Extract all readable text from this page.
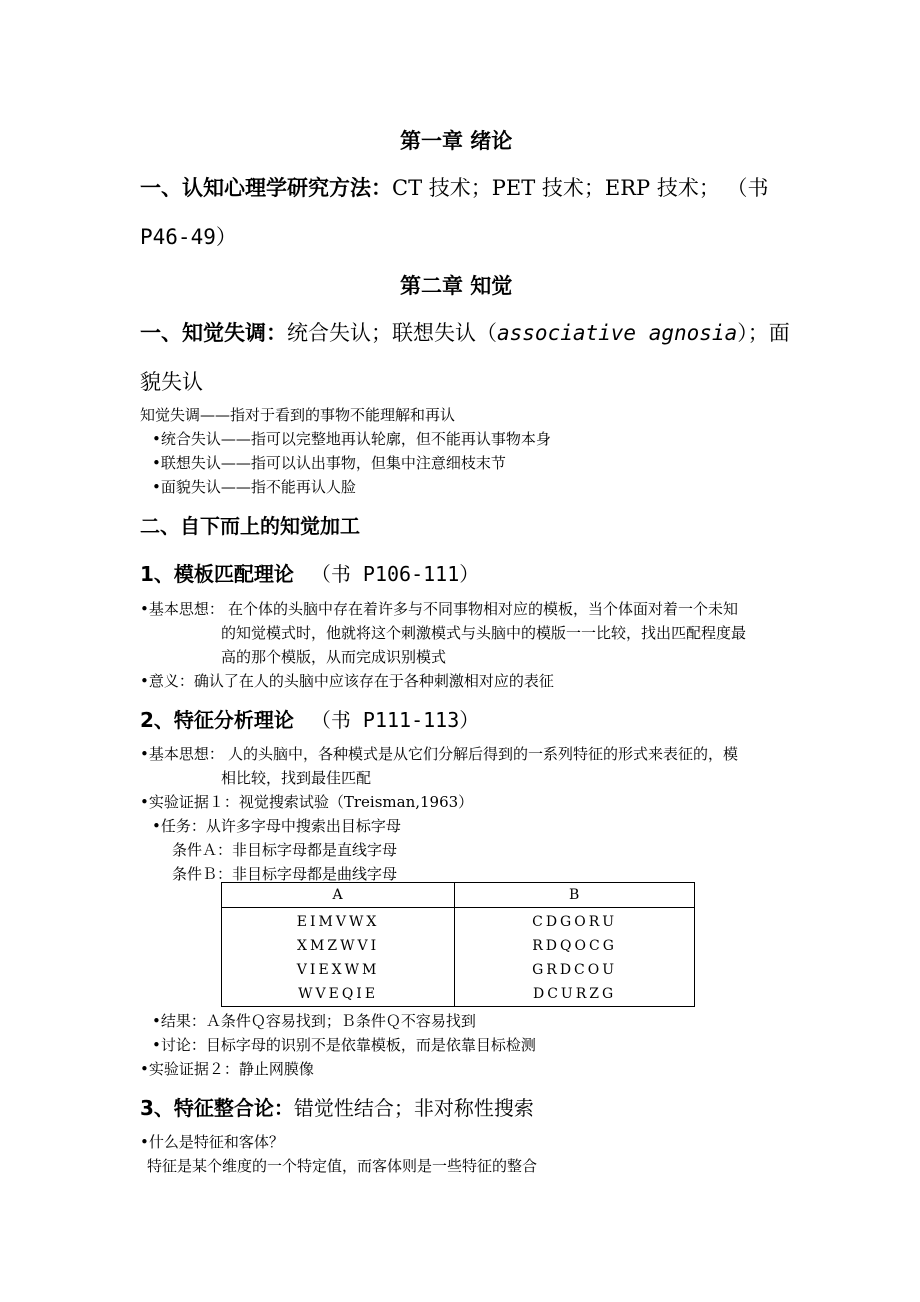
第一章 绪论
一、认知心理学研究方法：CT 技术；PET 技术；ERP 技术； （书
P46-49）
第二章 知觉
一、知觉失调：统合失认；联想失认（associative agnosia）；面
貌失认
知觉失调——指对于看到的事物不能理解和再认
•统合失认——指可以完整地再认轮廓，但不能再认事物本身
•联想失认——指可以认出事物，但集中注意细枝末节
•面貌失认——指不能再认人脸
二、自下而上的知觉加工
1、模板匹配理论 （书 P106-111）
•基本思想： 在个体的头脑中存在着许多与不同事物相对应的模板，当个体面对着一个未知
的知觉模式时，他就将这个刺激模式与头脑中的模版一一比较，找出匹配程度最
高的那个模版，从而完成识别模式
•意义：确认了在人的头脑中应该存在于各种刺激相对应的表征
2、特征分析理论 （书 P111-113）
•基本思想： 人的头脑中，各种模式是从它们分解后得到的一系列特征的形式来表征的，模
相比较，找到最佳匹配
•实验证据１：视觉搜索试验（Treisman,1963）
•任务：从许多字母中搜索出目标字母
条件Ａ：非目标字母都是直线字母
条件Ｂ：非目标字母都是曲线字母
A	B
EIMVWX	CDGORU
XMZWVI	RDQOCG
VIEXWM	GRDCOU
WVEQIE	DCURZG
•结果：Ａ条件Ｑ容易找到；Ｂ条件Ｑ不容易找到
•讨论：目标字母的识别不是依靠模板，而是依靠目标检测
•实验证据２：静止网膜像
3、特征整合论：错觉性结合；非对称性搜索
•什么是特征和客体？
特征是某个维度的一个特定值，而客体则是一些特征的整合
